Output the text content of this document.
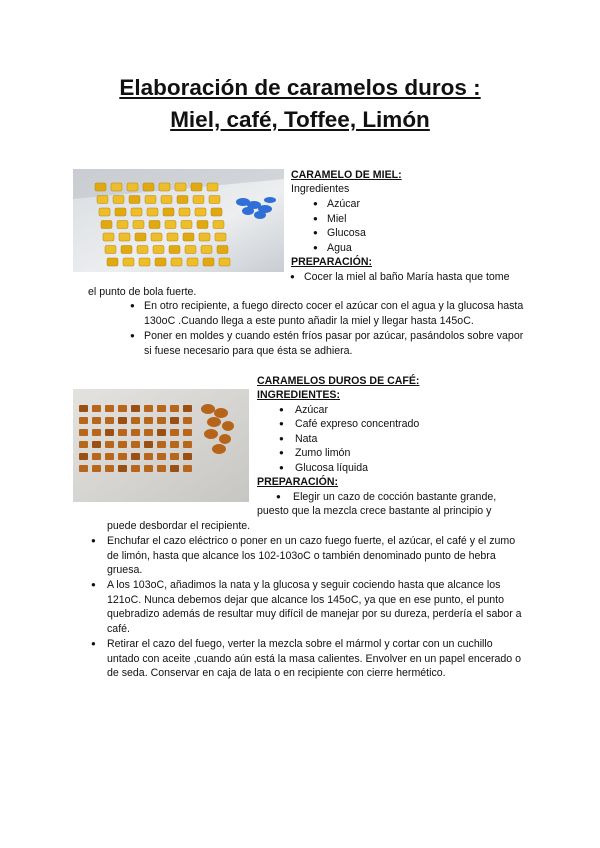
Elaboración de caramelos duros :
Miel, café, Toffee, Limón
CARAMELO DE MIEL:
Ingredientes
● Azúcar
● Miel
● Glucosa
● Agua
PREPARACIÓN:
● Cocer la miel al baño María hasta que tome
el punto de bola fuerte.
● En otro recipiente, a fuego directo cocer el azúcar con el agua y la glucosa hasta 130oC .Cuando llega a este punto añadir la miel y llegar hasta 145oC.
● Poner en moldes y cuando estén fríos pasar por azúcar, pasándolos sobre vapor si fuese necesario para que ésta se adhiera.
CARAMELOS DUROS DE CAFÉ:
INGREDIENTES:
● Azúcar
● Café expreso concentrado
● Nata
● Zumo limón
● Glucosa líquida
PREPARACIÓN:
● Elegir un cazo de cocción bastante grande,
puesto que la mezcla crece bastante al principio y
puede desbordar el recipiente.
● Enchufar el cazo eléctrico o poner en un cazo fuego fuerte, el azúcar, el café y el zumo de limón, hasta que alcance los 102-103oC o también denominado punto de hebra gruesa.
● A los 103oC, añadimos la nata y la glucosa y seguir cociendo hasta que alcance los 121oC. Nunca debemos dejar que alcance los 145oC, ya que en ese punto, el punto quebradizo además de resultar muy difícil de manejar por su dureza, perdería el sabor a café.
● Retirar el cazo del fuego, verter la mezcla sobre el mármol y cortar con un cuchillo untado con aceite ,cuando aún está la masa calientes. Envolver en un papel encerado o de seda. Conservar en caja de lata o en recipiente con cierre hermético.
